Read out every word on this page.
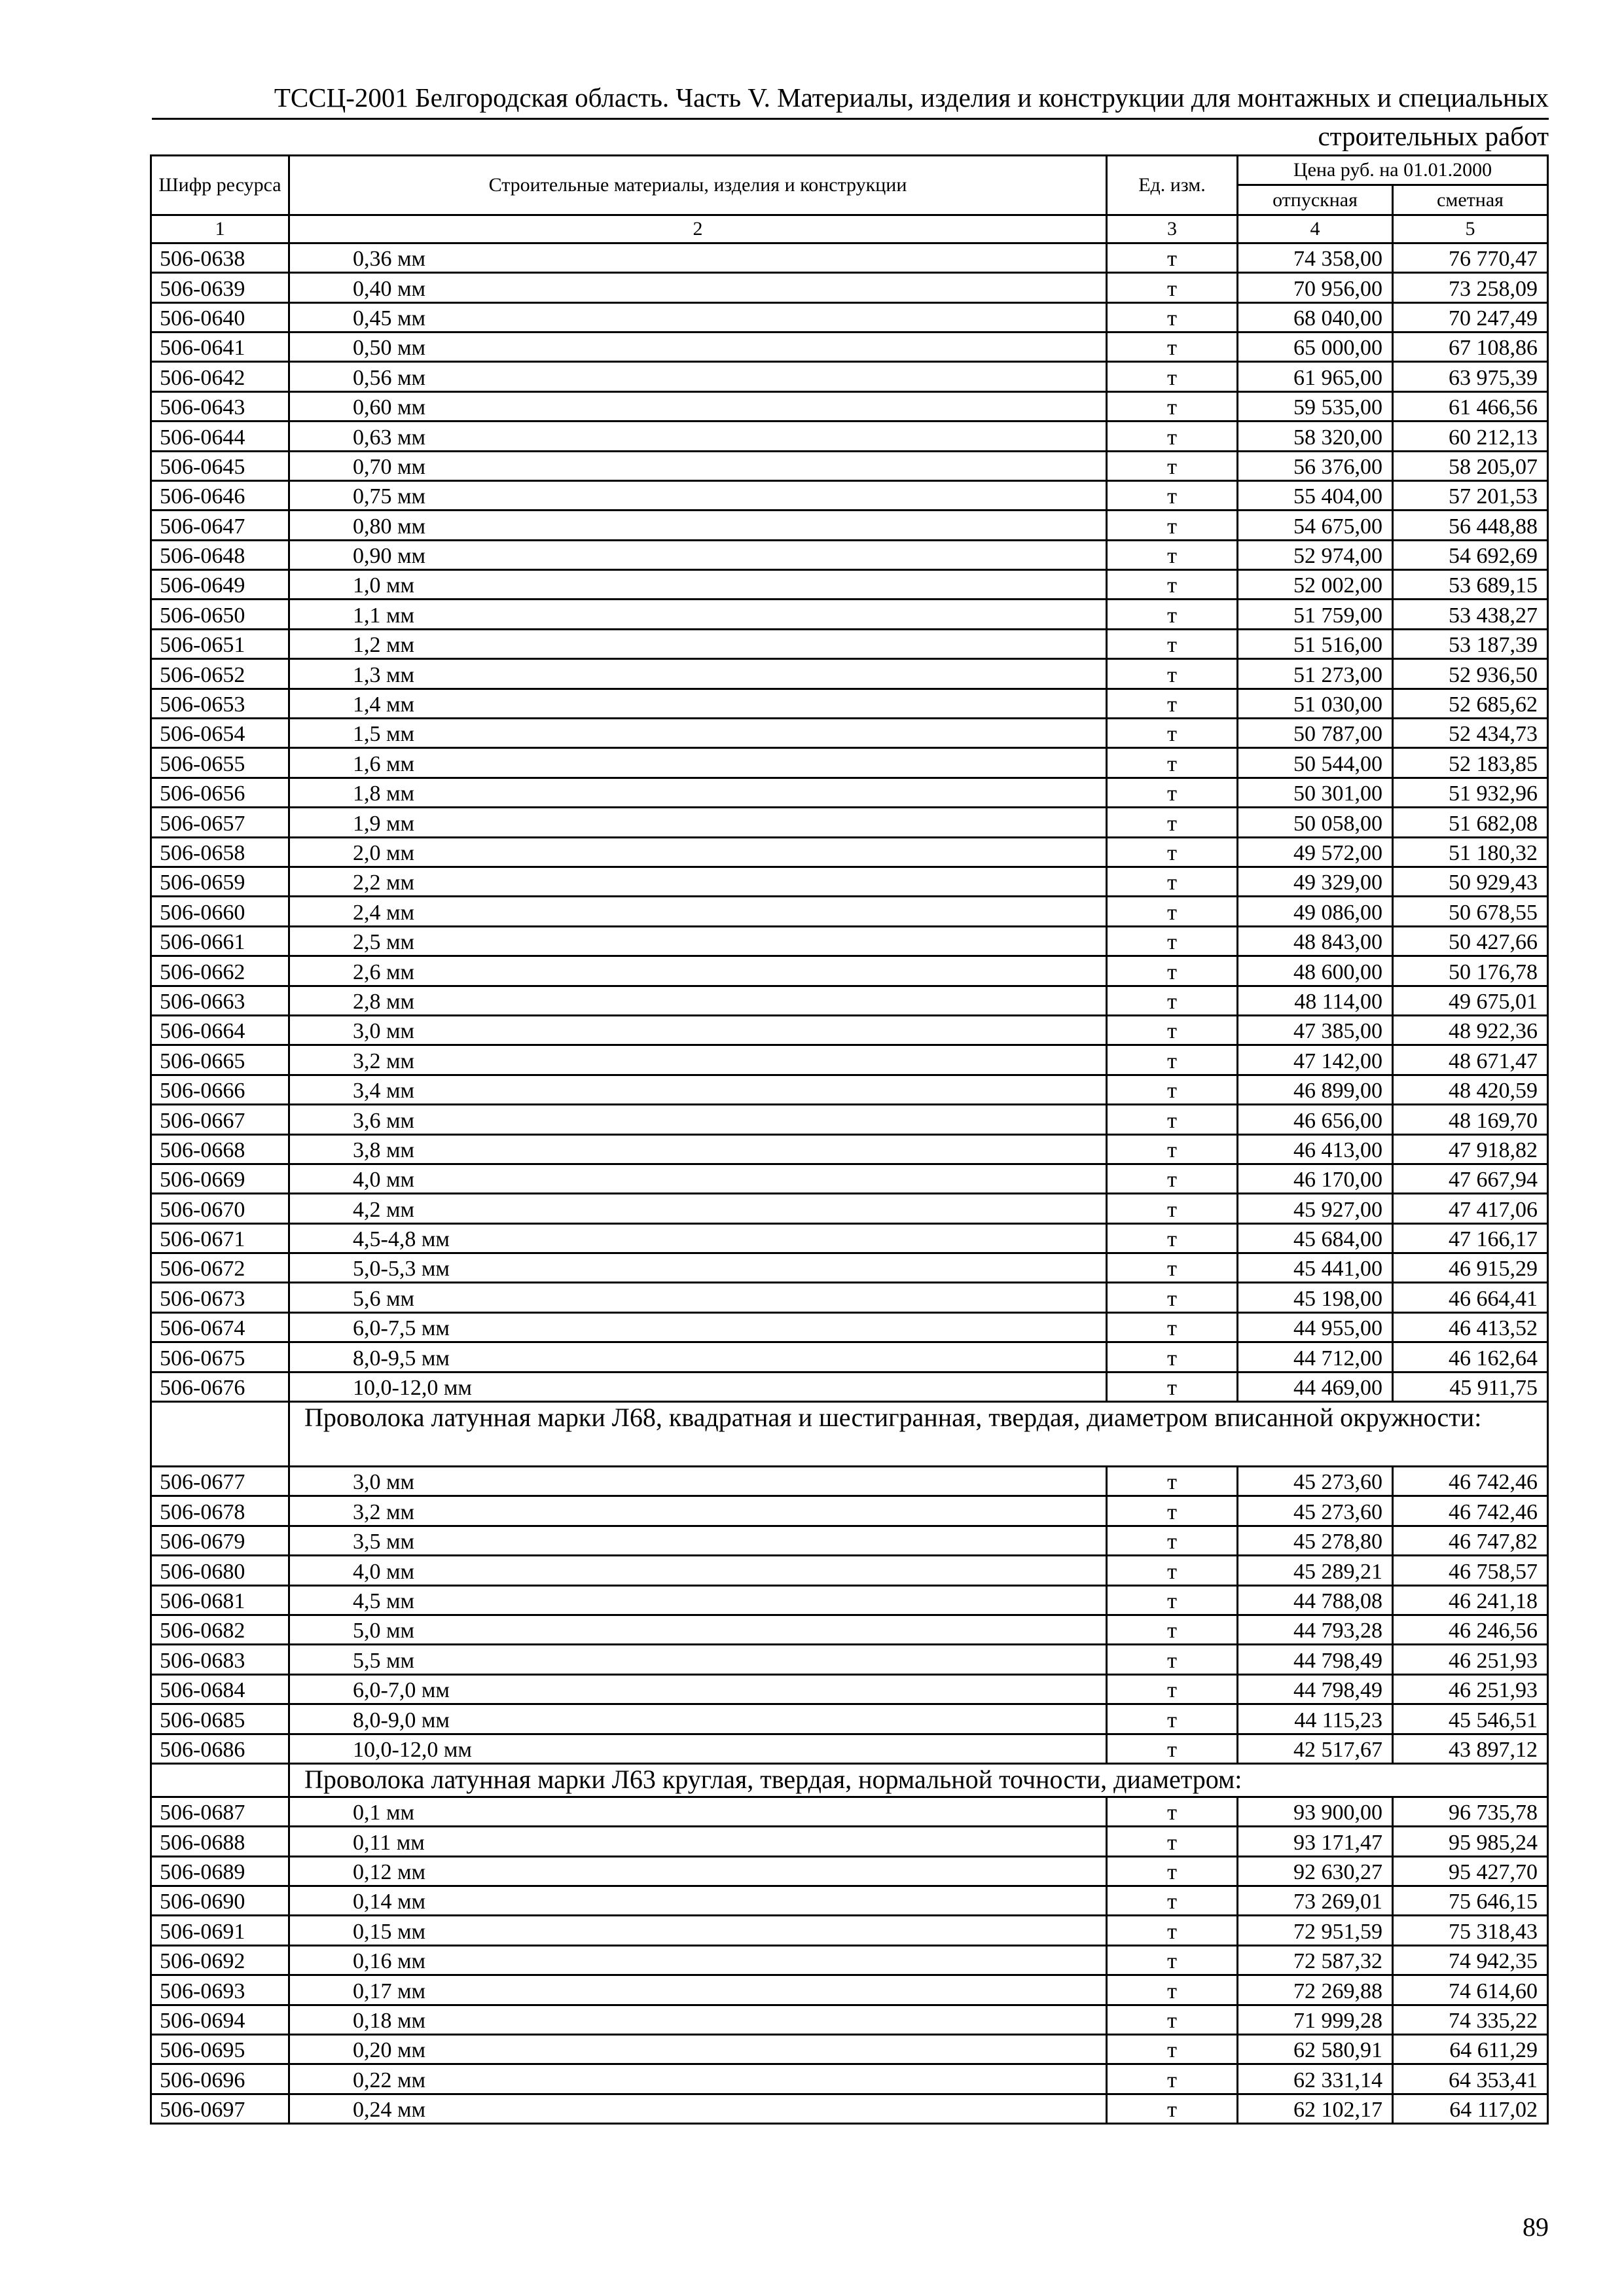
ТССЦ-2001 Белгородская область. Часть V. Материалы, изделия и конструкции для монтажных и специальных
строительных работ
Шифр ресурса	Строительные материалы, изделия и конструкции	Ед. изм.	Цена руб. на 01.01.2000	
			отпускная	сметная
1	2	3	4	5
506-0638	0,36 мм	т	74 358,00	76 770,47
506-0639	0,40 мм	т	70 956,00	73 258,09
506-0640	0,45 мм	т	68 040,00	70 247,49
506-0641	0,50 мм	т	65 000,00	67 108,86
506-0642	0,56 мм	т	61 965,00	63 975,39
506-0643	0,60 мм	т	59 535,00	61 466,56
506-0644	0,63 мм	т	58 320,00	60 212,13
506-0645	0,70 мм	т	56 376,00	58 205,07
506-0646	0,75 мм	т	55 404,00	57 201,53
506-0647	0,80 мм	т	54 675,00	56 448,88
506-0648	0,90 мм	т	52 974,00	54 692,69
506-0649	1,0 мм	т	52 002,00	53 689,15
506-0650	1,1 мм	т	51 759,00	53 438,27
506-0651	1,2 мм	т	51 516,00	53 187,39
506-0652	1,3 мм	т	51 273,00	52 936,50
506-0653	1,4 мм	т	51 030,00	52 685,62
506-0654	1,5 мм	т	50 787,00	52 434,73
506-0655	1,6 мм	т	50 544,00	52 183,85
506-0656	1,8 мм	т	50 301,00	51 932,96
506-0657	1,9 мм	т	50 058,00	51 682,08
506-0658	2,0 мм	т	49 572,00	51 180,32
506-0659	2,2 мм	т	49 329,00	50 929,43
506-0660	2,4 мм	т	49 086,00	50 678,55
506-0661	2,5 мм	т	48 843,00	50 427,66
506-0662	2,6 мм	т	48 600,00	50 176,78
506-0663	2,8 мм	т	48 114,00	49 675,01
506-0664	3,0 мм	т	47 385,00	48 922,36
506-0665	3,2 мм	т	47 142,00	48 671,47
506-0666	3,4 мм	т	46 899,00	48 420,59
506-0667	3,6 мм	т	46 656,00	48 169,70
506-0668	3,8 мм	т	46 413,00	47 918,82
506-0669	4,0 мм	т	46 170,00	47 667,94
506-0670	4,2 мм	т	45 927,00	47 417,06
506-0671	4,5-4,8 мм	т	45 684,00	47 166,17
506-0672	5,0-5,3 мм	т	45 441,00	46 915,29
506-0673	5,6 мм	т	45 198,00	46 664,41
506-0674	6,0-7,5 мм	т	44 955,00	46 413,52
506-0675	8,0-9,5 мм	т	44 712,00	46 162,64
506-0676	10,0-12,0 мм	т	44 469,00	45 911,75
	Проволока латунная марки Л68, квадратная и шестигранная, твердая, диаметром вписанной окружности:			
506-0677	3,0 мм	т	45 273,60	46 742,46
506-0678	3,2 мм	т	45 273,60	46 742,46
506-0679	3,5 мм	т	45 278,80	46 747,82
506-0680	4,0 мм	т	45 289,21	46 758,57
506-0681	4,5 мм	т	44 788,08	46 241,18
506-0682	5,0 мм	т	44 793,28	46 246,56
506-0683	5,5 мм	т	44 798,49	46 251,93
506-0684	6,0-7,0 мм	т	44 798,49	46 251,93
506-0685	8,0-9,0 мм	т	44 115,23	45 546,51
506-0686	10,0-12,0 мм	т	42 517,67	43 897,12
	Проволока латунная марки Л63 круглая, твердая, нормальной точности, диаметром:			
506-0687	0,1 мм	т	93 900,00	96 735,78
506-0688	0,11 мм	т	93 171,47	95 985,24
506-0689	0,12 мм	т	92 630,27	95 427,70
506-0690	0,14 мм	т	73 269,01	75 646,15
506-0691	0,15 мм	т	72 951,59	75 318,43
506-0692	0,16 мм	т	72 587,32	74 942,35
506-0693	0,17 мм	т	72 269,88	74 614,60
506-0694	0,18 мм	т	71 999,28	74 335,22
506-0695	0,20 мм	т	62 580,91	64 611,29
506-0696	0,22 мм	т	62 331,14	64 353,41
506-0697	0,24 мм	т	62 102,17	64 117,02
89
